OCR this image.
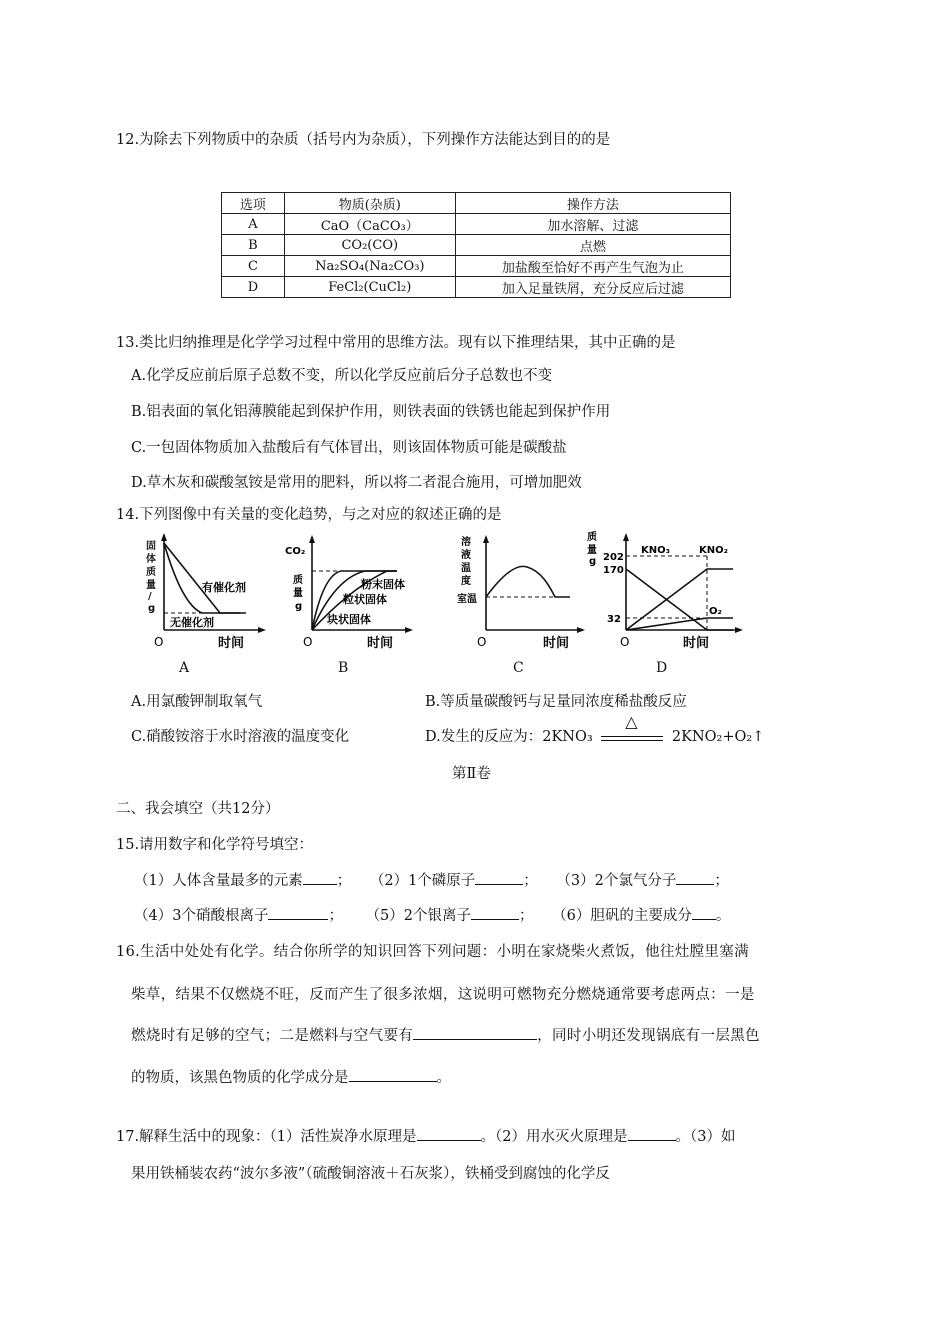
12.为除去下列物质中的杂质（括号内为杂质），下列操作方法能达到目的的是
选项	物质(杂质)	操作方法
A	CaO（CaCO₃）	加水溶解、过滤
B	CO₂(CO)	点燃
C	Na₂SO₄(Na₂CO₃)	加盐酸至恰好不再产生气泡为止
D	FeCl₂(CuCl₂)	加入足量铁屑，充分反应后过滤
13.类比归纳推理是化学学习过程中常用的思维方法。现有以下推理结果，其中正确的是
A.化学反应前后原子总数不变，所以化学反应前后分子总数也不变
B.铝表面的氧化铝薄膜能起到保护作用，则铁表面的铁锈也能起到保护作用
C.一包固体物质加入盐酸后有气体冒出，则该固体物质可能是碳酸盐
D.草木灰和碳酸氢铵是常用的肥料，所以将二者混合施用，可增加肥效
14.下列图像中有关量的变化趋势，与之对应的叙述正确的是
固
体
质
量
/
g
有催化剂
无催化剂
O	时间
A
CO₂
质
量
g
粉末固体
粒状固体
块状固体
O	时间
B
溶
液
温
度
室温
O	时间
C
质
量
g 202
170
32
KNO₃	KNO₂
O₂
O	时间
D
A.用氯酸钾制取氧气	B.等质量碳酸钙与足量同浓度稀盐酸反应
C.硝酸铵溶于水时溶液的温度变化	D.发生的反应为：2KNO₃
△
2KNO₂+O₂↑
第Ⅱ卷
二、我会填空（共12分）
15.请用数字和化学符号填空：
（1）人体含量最多的元素 ； （2）1个磷原子	； （3）2个氯气分子	；
（4）3个硝酸根离子	； （5）2个银离子	； （6）胆矾的主要成分 。
16.生活中处处有化学。结合你所学的知识回答下列问题：小明在家烧柴火煮饭，他往灶膛里塞满
柴草，结果不仅燃烧不旺，反而产生了很多浓烟，这说明可燃物充分燃烧通常要考虑两点：一是
燃烧时有足够的空气；二是燃料与空气要有	，同时小明还发现锅底有一层黑色
的物质，该黑色物质的化学成分是	。
17.解释生活中的现象：（1）活性炭净水原理是	。（2）用水灭火原理是	。（3）如
果用铁桶装农药“波尔多液”（硫酸铜溶液＋石灰浆），铁桶受到腐蚀的化学反
